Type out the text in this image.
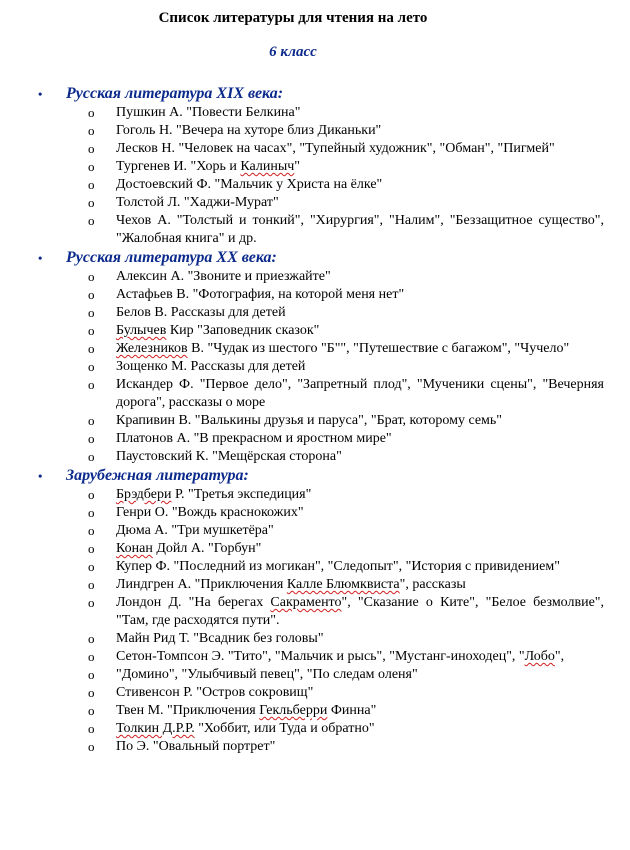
Список литературы для чтения на лето
6 класс
• Русская литература XIX века:
o Пушкин А. "Повести Белкина"
o Гоголь Н. "Вечера на хуторе близ Диканьки"
o Лесков Н. "Человек на часах", "Тупейный художник", "Обман", "Пигмей"
o Тургенев И. "Хорь и Калиныч"
o Достоевский Ф. "Мальчик у Христа на ёлке"
o Толстой Л. "Хаджи-Мурат"
o Чехов А. "Толстый и тонкий", "Хирургия", "Налим", "Беззащитное существо", "Жалобная книга" и др.
• Русская литература XX века:
o Алексин А. "Звоните и приезжайте"
o Астафьев В. "Фотография, на которой меня нет"
o Белов В. Рассказы для детей
o Булычев Кир "Заповедник сказок"
o Железников В. "Чудак из шестого "Б"", "Путешествие с багажом", "Чучело"
o Зощенко М. Рассказы для детей
o Искандер Ф. "Первое дело", "Запретный плод", "Мученики сцены", "Вечерняя дорога", рассказы о море
o Крапивин В. "Валькины друзья и паруса", "Брат, которому семь"
o Платонов А. "В прекрасном и яростном мире"
o Паустовский К. "Мещёрская сторона"
• Зарубежная литература:
o Брэдбери Р. "Третья экспедиция"
o Генри О. "Вождь краснокожих"
o Дюма А. "Три мушкетёра"
o Конан Дойл А. "Горбун"
o Купер Ф. "Последний из могикан", "Следопыт", "История с привидением"
o Линдгрен А. "Приключения Калле Блюмквиста", рассказы
o Лондон Д. "На берегах Сакраменто", "Сказание о Ките", "Белое безмолвие", "Там, где расходятся пути".
o Майн Рид Т. "Всадник без головы"
o Сетон-Томпсон Э. "Тито", "Мальчик и рысь", "Мустанг-иноходец", "Лобо",
o "Домино", "Улыбчивый певец", "По следам оленя"
o Стивенсон Р. "Остров сокровищ"
o Твен М. "Приключения Гекльберри Финна"
o Толкин Д.Р.Р. "Хоббит, или Туда и обратно"
o По Э. "Овальный портрет"
